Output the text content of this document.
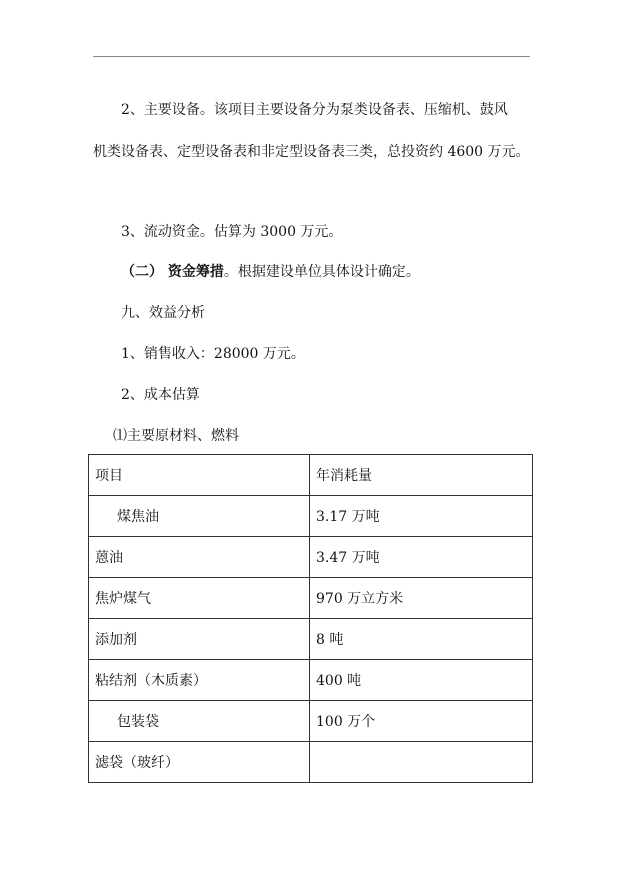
2、主要设备。该项目主要设备分为泵类设备表、压缩机、鼓风
机类设备表、定型设备表和非定型设备表三类，总投资约 4600 万元。
3、流动资金。估算为 3000 万元。
（二） 资金筹措。根据建设单位具体设计确定。
九、效益分析
1、销售收入：28000 万元。
2、成本估算
⑴主要原材料、燃料
项目	年消耗量
煤焦油	3.17 万吨
蒽油	3.47 万吨
焦炉煤气	970 万立方米
添加剂	8 吨
粘结剂（木质素）	400 吨
包装袋	100 万个
滤袋（玻纤）	
